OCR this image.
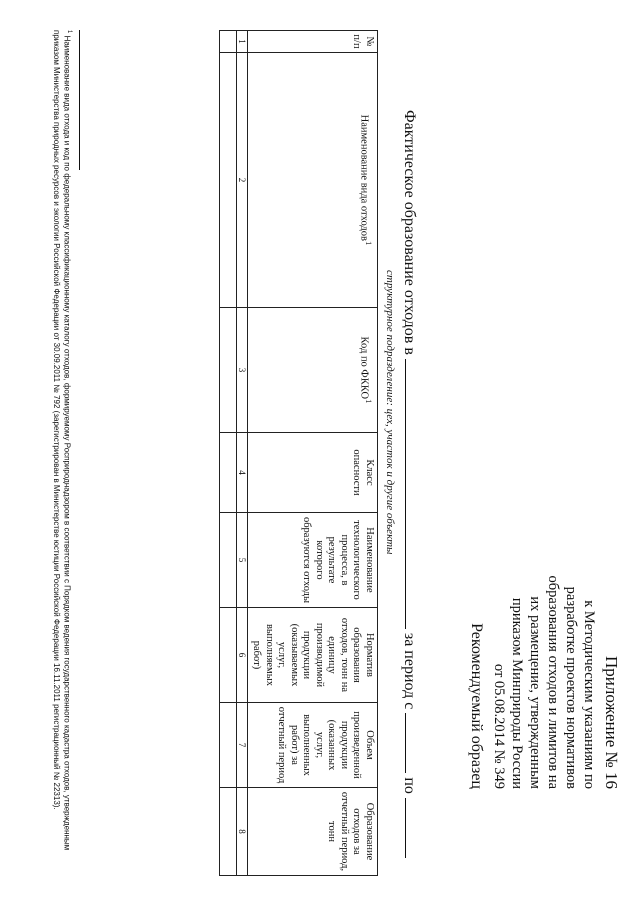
Приложение № 16
к Методическим указаниям по
разработке проектов нормативов
образования отходов и лимитов на
их размещение, утвержденным
приказом Минприроды России
от 05.08.2014 № 349
Рекомендуемый образец
Фактическое образование отходов в  за период с  по
структурное подразделение: цех, участок и другие объекты
№ п/п	Наименование вида отходов$^1$	Код по ФККО$^1$	Класс опасности	Наименование технологического процесса, в результате которого образуются отходы	Норматив образования отходов, тонн на единицу производимой продукции (оказываемых услуг, выполняемых работ)	Объем произведенной продукции (оказанных услуг, выполненных работ) за отчетный период	Образование отходов за отчетный период, тонн
1	2	3	4	5	6	7	8

$^1$ Наименование вида отхода и код по федеральному классификационному каталогу отходов, формируемому Росприроднадзором в соответствии с Порядком ведения государственного кадастра отходов, утвержденным приказом Министерства природных ресурсов и экологии Российской Федерации от 30.09.2011 № 792 (зарегистрирован в Министерстве юстиции Российской Федерации 16.11.2011 регистрационный № 22313).
